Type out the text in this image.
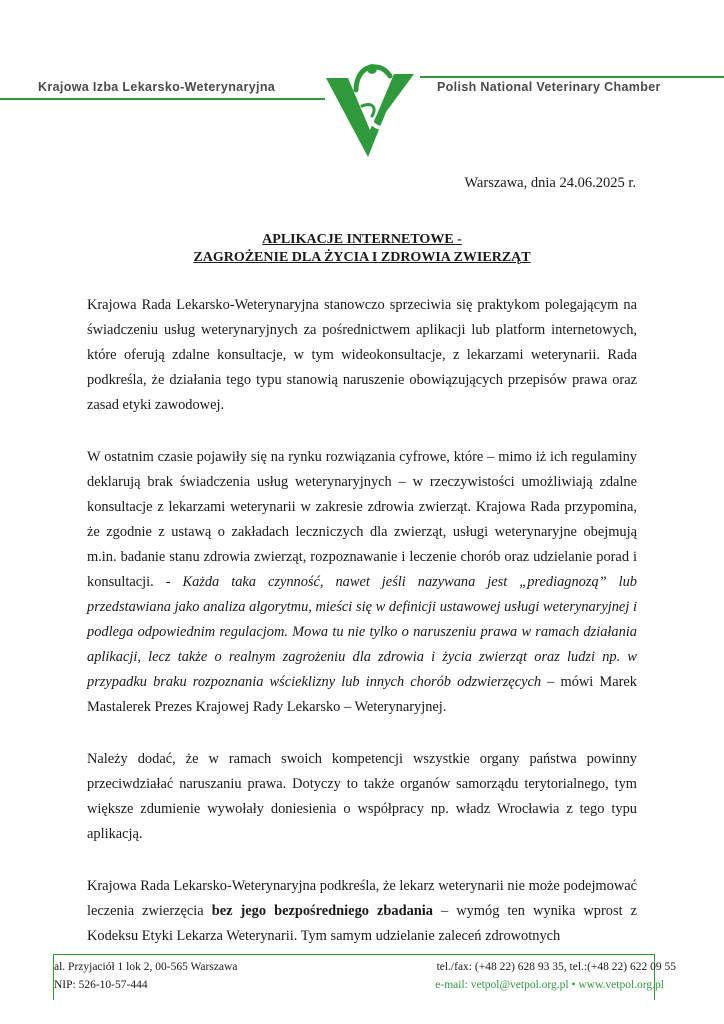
Krajowa Izba Lekarsko-Weterynaryjna	Polish National Veterinary Chamber
Warszawa, dnia 24.06.2025 r.
APLIKACJE INTERNETOWE -
ZAGROŻENIE DLA ŻYCIA I ZDROWIA ZWIERZĄT

Krajowa Rada Lekarsko-Weterynaryjna stanowczo sprzeciwia się praktykom polegającym na świadczeniu usług weterynaryjnych za pośrednictwem aplikacji lub platform internetowych, które oferują zdalne konsultacje, w tym wideokonsultacje, z lekarzami weterynarii. Rada podkreśla, że działania tego typu stanowią naruszenie obowiązujących przepisów prawa oraz zasad etyki zawodowej.

W ostatnim czasie pojawiły się na rynku rozwiązania cyfrowe, które – mimo iż ich regulaminy deklarują brak świadczenia usług weterynaryjnych – w rzeczywistości umożliwiają zdalne konsultacje z lekarzami weterynarii w zakresie zdrowia zwierząt. Krajowa Rada przypomina, że zgodnie z ustawą o zakładach leczniczych dla zwierząt, usługi weterynaryjne obejmują m.in. badanie stanu zdrowia zwierząt, rozpoznawanie i leczenie chorób oraz udzielanie porad i konsultacji. - Każda taka czynność, nawet jeśli nazywana jest „prediagnozą” lub przedstawiana jako analiza algorytmu, mieści się w definicji ustawowej usługi weterynaryjnej i podlega odpowiednim regulacjom. Mowa tu nie tylko o naruszeniu prawa w ramach działania aplikacji, lecz także o realnym zagrożeniu dla zdrowia i życia zwierząt oraz ludzi np. w przypadku braku rozpoznania wścieklizny lub innych chorób odzwierzęcych – mówi Marek Mastalerek Prezes Krajowej Rady Lekarsko – Weterynaryjnej.

Należy dodać, że w ramach swoich kompetencji wszystkie organy państwa powinny przeciwdziałać naruszaniu prawa. Dotyczy to także organów samorządu terytorialnego, tym większe zdumienie wywołały doniesienia o współpracy np. władz Wrocławia z tego typu aplikacją.

Krajowa Rada Lekarsko-Weterynaryjna podkreśla, że lekarz weterynarii nie może podejmować leczenia zwierzęcia bez jego bezpośredniego zbadania – wymóg ten wynika wprost z Kodeksu Etyki Lekarza Weterynarii. Tym samym udzielanie zaleceń zdrowotnych

al. Przyjaciół 1 lok 2, 00-565 Warszawa
NIP: 526-10-57-444
tel./fax: (+48 22) 628 93 35, tel.:(+48 22) 622 09 55
e-mail: vetpol@vetpol.org.pl • www.vetpol.org.pl
